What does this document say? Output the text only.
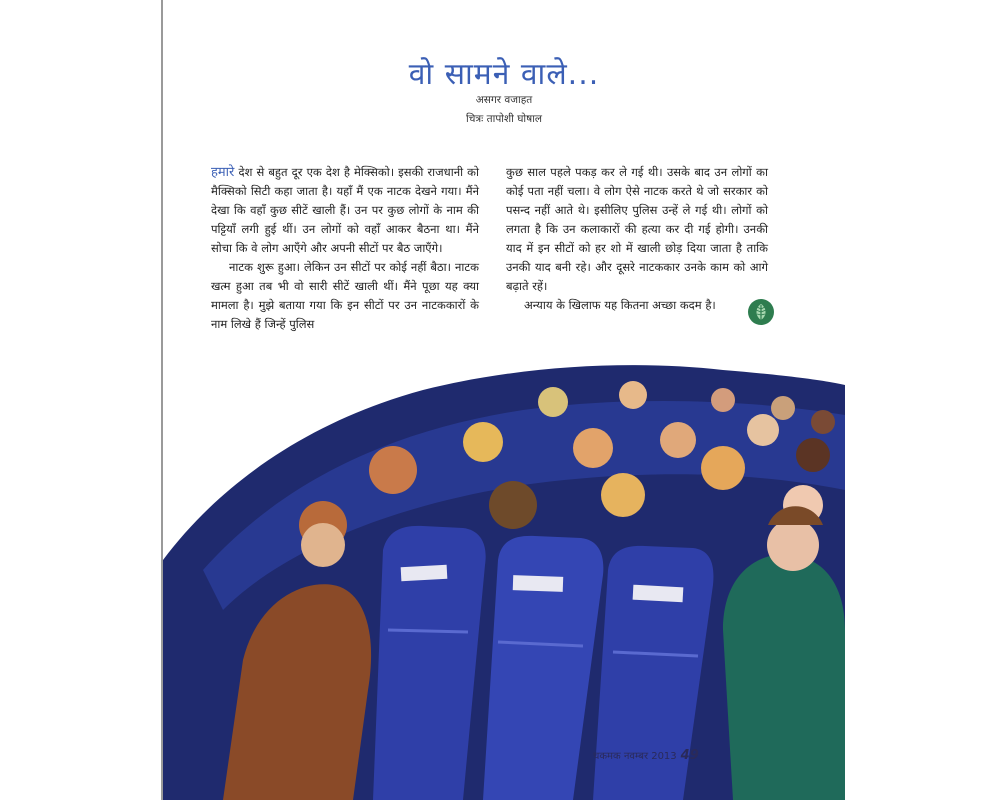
वो सामने वाले...
असगर वजाहत
चित्रः तापोशी घोषाल

हमारे देश से बहुत दूर एक देश है मेक्सिको। इसकी राजधानी को मैक्सिको सिटी कहा जाता है। यहाँ मैं एक नाटक देखने गया। मैंने देखा कि वहाँ कुछ सीटें खाली हैं। उन पर कुछ लोगों के नाम की पट्टियाँ लगी हुई थीं। उन लोगों को वहाँ आकर बैठना था। मैंने सोचा कि वे लोग आएँगे और अपनी सीटों पर बैठ जाएँगे।

नाटक शुरू हुआ। लेकिन उन सीटों पर कोई नहीं बैठा। नाटक खत्म हुआ तब भी वो सारी सीटें खाली थीं। मैंने पूछा यह क्या मामला है। मुझे बताया गया कि इन सीटों पर उन नाटककारों के नाम लिखे हैं जिन्हें पुलिस

कुछ साल पहले पकड़ कर ले गई थी। उसके बाद उन लोगों का कोई पता नहीं चला। वे लोग ऐसे नाटक करते थे जो सरकार को पसन्द नहीं आते थे। इसीलिए पुलिस उन्हें ले गई थी। लोगों को लगता है कि उन कलाकारों की हत्या कर दी गई होगी। उनकी याद में इन सीटों को हर शो में खाली छोड़ दिया जाता है ताकि उनकी याद बनी रहे। और दूसरे नाटककार उनके काम को आगे बढ़ाते रहें।

अन्याय के खिलाफ यह कितना अच्छा कदम है।

चकमक नवम्बर 2013 49
